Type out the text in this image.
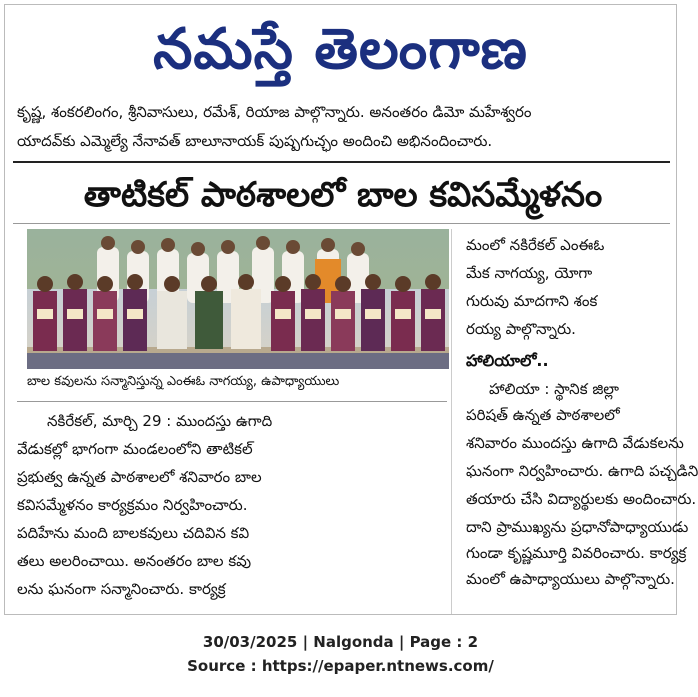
నమస్తే తెలంగాణ
కృష్ణ, శంకరలింగం, శ్రీనివాసులు, రమేశ్, రియాజ పాల్గొన్నారు. అనంతరం డిమో మహేశ్వరం
యాదవ్‌కు ఎమ్మెల్యే నేనావత్ బాలూనాయక్ పుష్పగుచ్ఛం అందించి అభినందించారు.
తాటికల్ పాఠశాలలో బాల కవిసమ్మేళనం
బాల కవులను సన్మానిస్తున్న ఎంఈఓ నాగయ్య, ఉపాధ్యాయులు
మంలో నకిరేకల్ ఎంఈఓ
మేక నాగయ్య, యోగా
గురువు మాదగాని శంక
రయ్య పాల్గొన్నారు.
హాలియాలో..
హాలియా : స్థానిక జిల్లా
పరిషత్ ఉన్నత పాఠశాలలో
శనివారం ముందస్తు ఉగాది వేడుకలను
ఘనంగా నిర్వహించారు. ఉగాది పచ్చడిని
తయారు చేసి విద్యార్థులకు అందించారు.
దాని ప్రాముఖ్యను ప్రధానోపాధ్యాయుడు
గుండా కృష్ణమూర్తి వివరించారు. కార్యక్ర
మంలో ఉపాధ్యాయులు పాల్గొన్నారు.
నకిరేకల్, మార్చి 29 : ముందస్తు ఉగాది
వేడుకల్లో భాగంగా మండలంలోని తాటికల్
ప్రభుత్వ ఉన్నత పాఠశాలలో శనివారం బాల
కవిసమ్మేళనం కార్యక్రమం నిర్వహించారు.
పదిహేను మంది బాలకవులు చదివిన కవి
తలు అలరించాయి. అనంతరం బాల కవు
లను ఘనంగా సన్మానించారు. కార్యక్ర
30/03/2025 | Nalgonda | Page : 2
Source : https://epaper.ntnews.com/
